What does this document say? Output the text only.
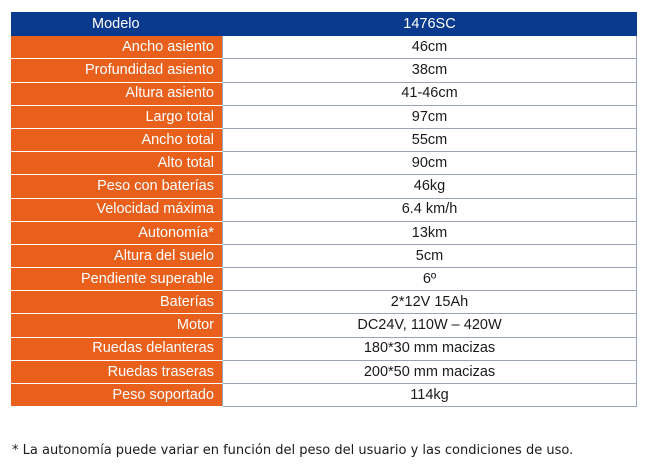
Modelo	1476SC
Ancho asiento	46cm
Profundidad asiento	38cm
Altura asiento	41-46cm
Largo total	97cm
Ancho total	55cm
Alto total	90cm
Peso con baterías	46kg
Velocidad máxima	6.4 km/h
Autonomía*	13km
Altura del suelo	5cm
Pendiente superable	6º
Baterías	2*12V 15Ah
Motor	DC24V, 110W – 420W
Ruedas delanteras	180*30 mm macizas
Ruedas traseras	200*50 mm macizas
Peso soportado	114kg
* La autonomía puede variar en función del peso del usuario y las condiciones de uso.
